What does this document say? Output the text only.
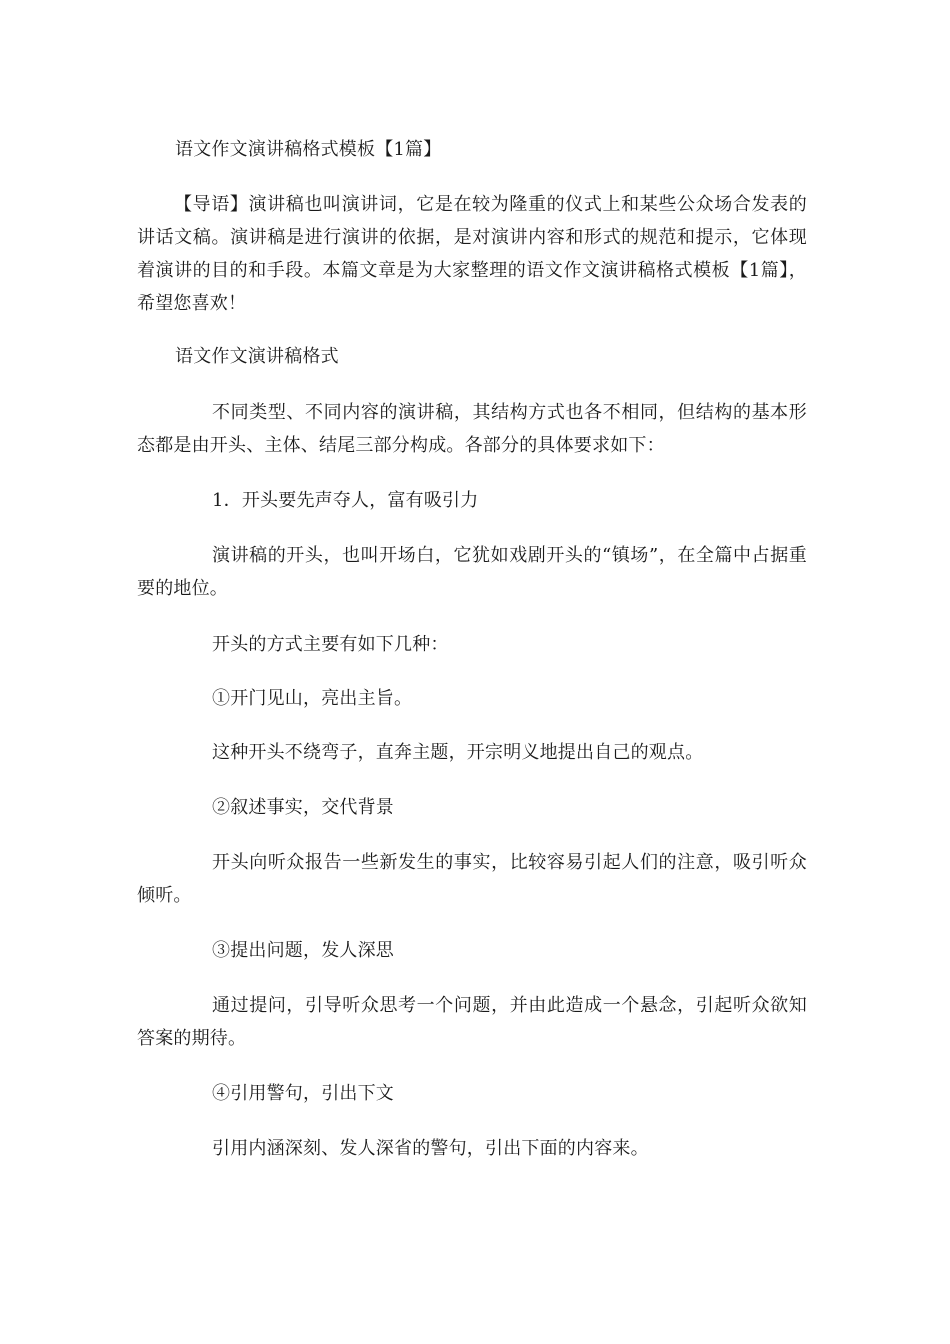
语文作文演讲稿格式模板【1篇】
【导语】演讲稿也叫演讲词，它是在较为隆重的仪式上和某些公众场合发表的讲话文稿。演讲稿是进行演讲的依据，是对演讲内容和形式的规范和提示，它体现着演讲的目的和手段。本篇文章是为大家整理的语文作文演讲稿格式模板【1篇】，希望您喜欢！
语文作文演讲稿格式
不同类型、不同内容的演讲稿，其结构方式也各不相同，但结构的基本形态都是由开头、主体、结尾三部分构成。各部分的具体要求如下：
1．开头要先声夺人，富有吸引力
演讲稿的开头，也叫开场白，它犹如戏剧开头的“镇场”，在全篇中占据重要的地位。
开头的方式主要有如下几种：
①开门见山，亮出主旨。
这种开头不绕弯子，直奔主题，开宗明义地提出自己的观点。
②叙述事实，交代背景
开头向听众报告一些新发生的事实，比较容易引起人们的注意，吸引听众倾听。
③提出问题，发人深思
通过提问，引导听众思考一个问题，并由此造成一个悬念，引起听众欲知答案的期待。
④引用警句，引出下文
引用内涵深刻、发人深省的警句，引出下面的内容来。
